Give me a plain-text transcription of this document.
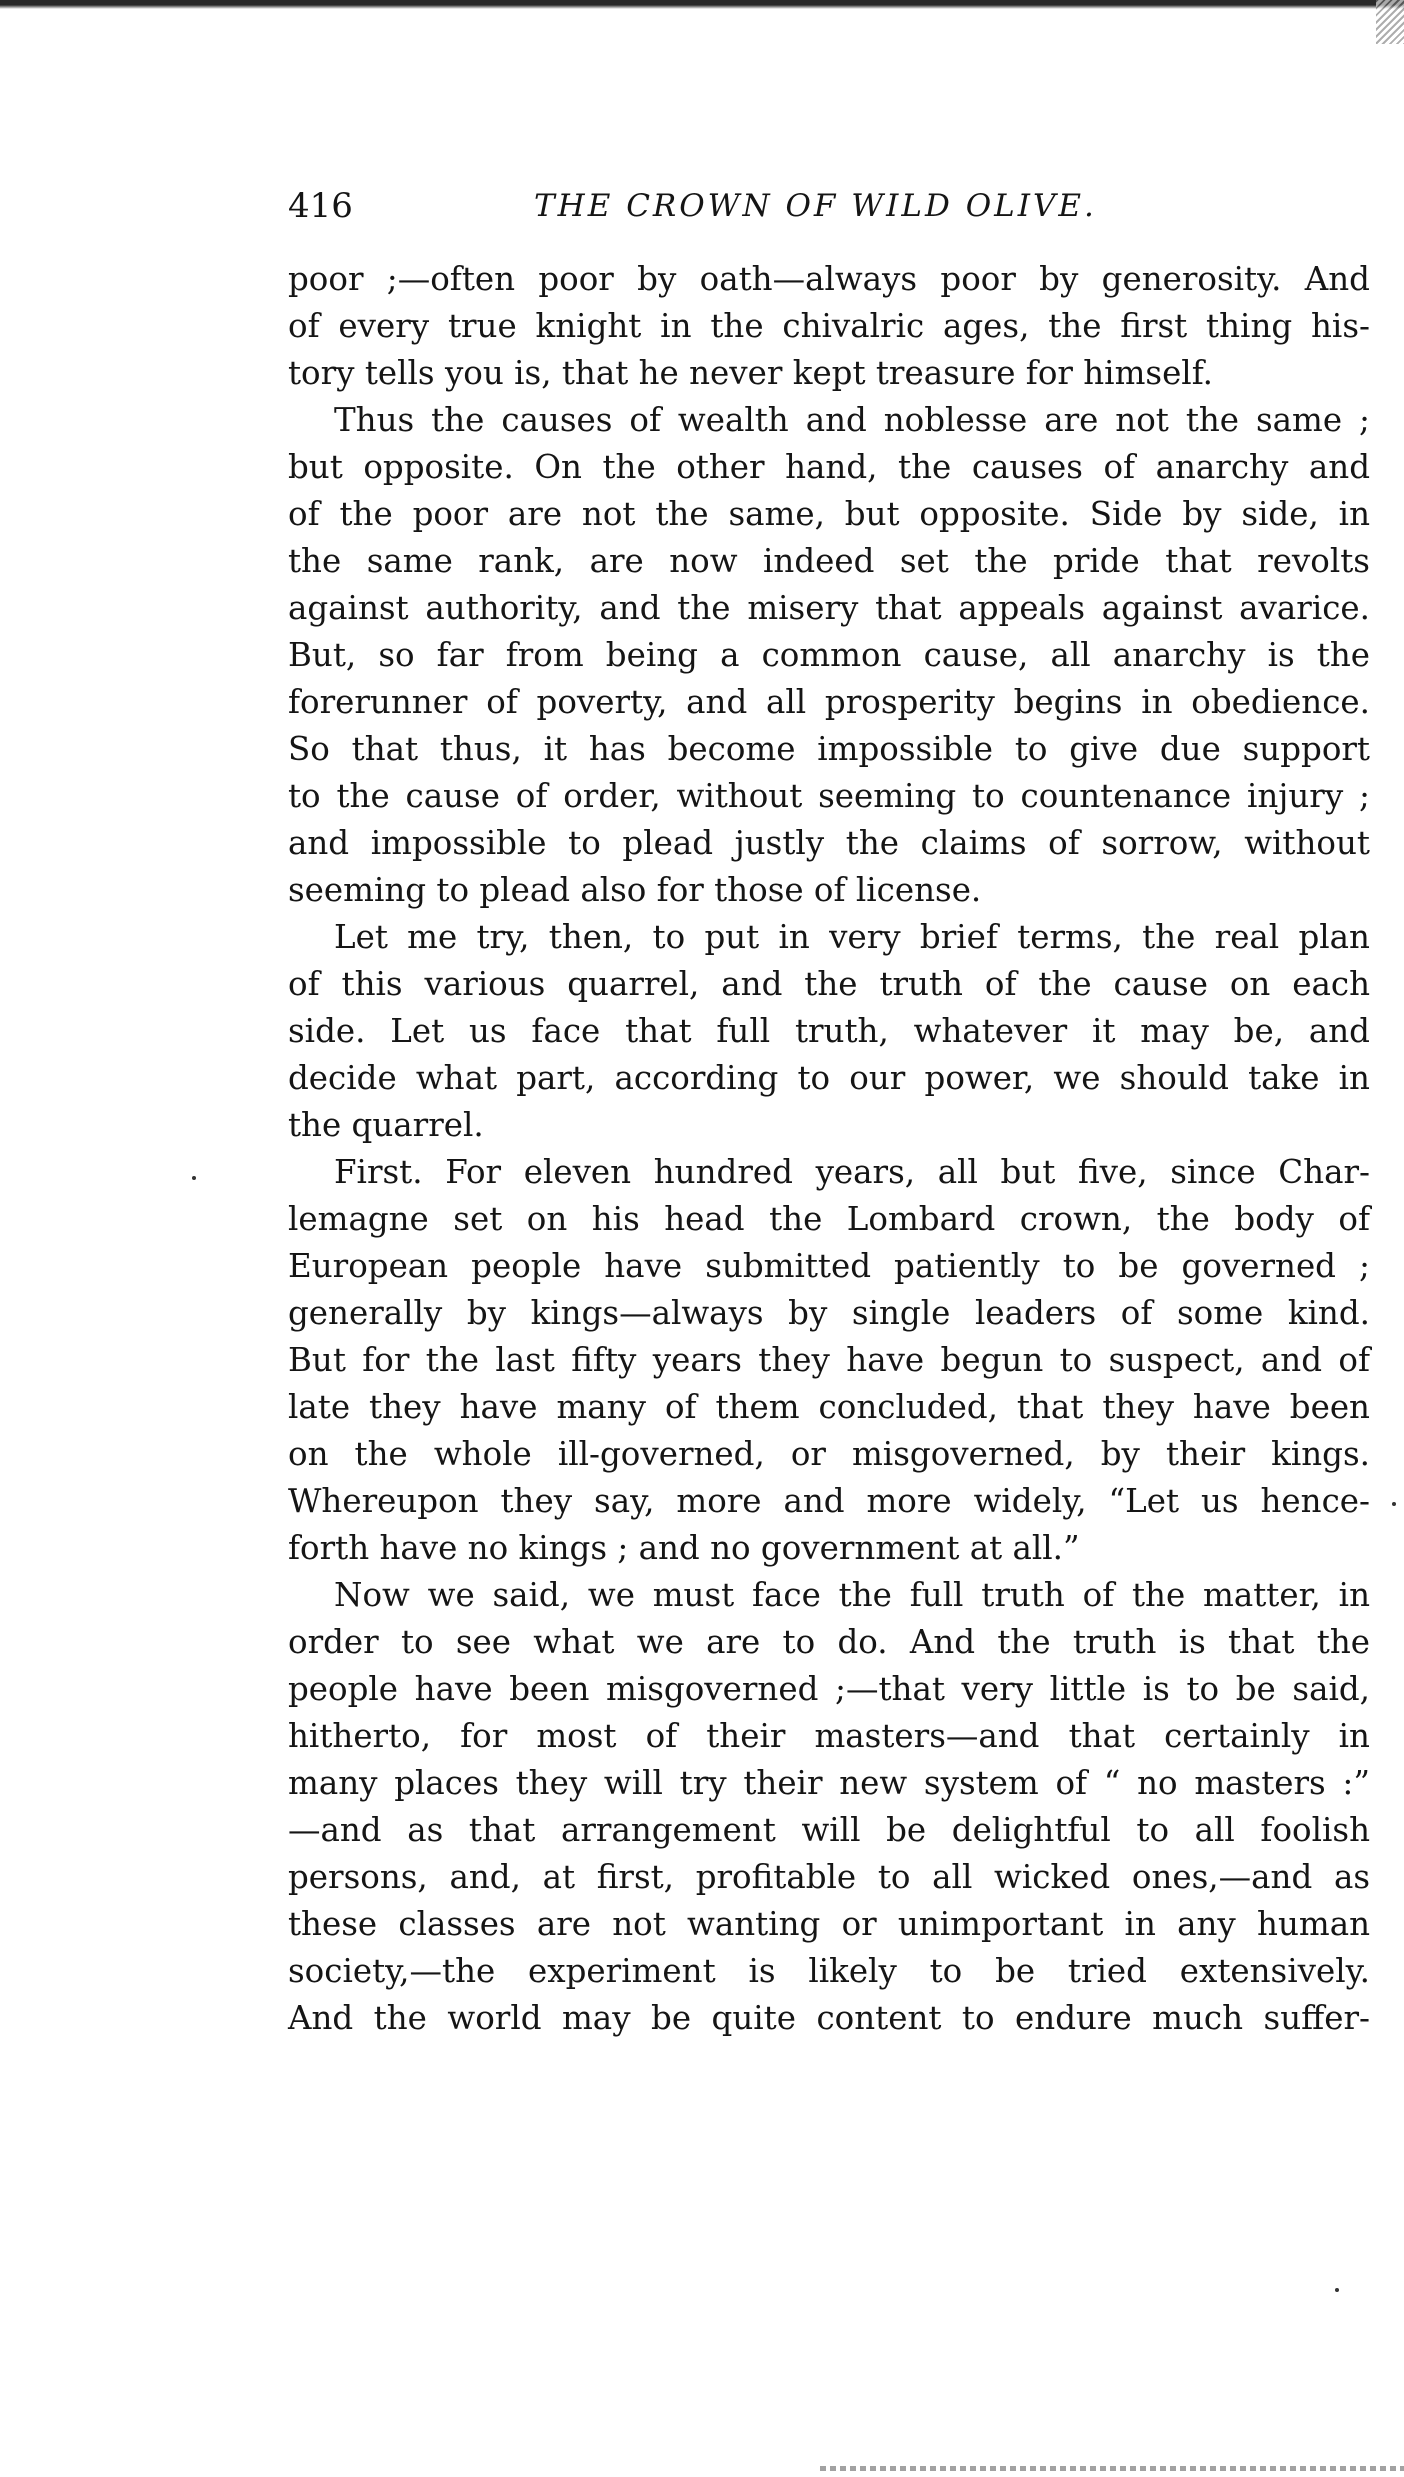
416	THE CROWN OF WILD OLIVE.
poor ;—often poor by oath—always poor by generosity. And
of every true knight in the chivalric ages, the first thing his-
tory tells you is, that he never kept treasure for himself.
Thus the causes of wealth and noblesse are not the same ;
but opposite. On the other hand, the causes of anarchy and
of the poor are not the same, but opposite. Side by side, in
the same rank, are now indeed set the pride that revolts
against authority, and the misery that appeals against avarice.
But, so far from being a common cause, all anarchy is the
forerunner of poverty, and all prosperity begins in obedience.
So that thus, it has become impossible to give due support
to the cause of order, without seeming to countenance injury ;
and impossible to plead justly the claims of sorrow, without
seeming to plead also for those of license.
Let me try, then, to put in very brief terms, the real plan
of this various quarrel, and the truth of the cause on each
side. Let us face that full truth, whatever it may be, and
decide what part, according to our power, we should take in
the quarrel.
First. For eleven hundred years, all but five, since Char-
lemagne set on his head the Lombard crown, the body of
European people have submitted patiently to be governed ;
generally by kings—always by single leaders of some kind.
But for the last fifty years they have begun to suspect, and of
late they have many of them concluded, that they have been
on the whole ill-governed, or misgoverned, by their kings.
Whereupon they say, more and more widely, “Let us hence-
forth have no kings ; and no government at all.”
Now we said, we must face the full truth of the matter, in
order to see what we are to do. And the truth is that the
people have been misgoverned ;—that very little is to be said,
hitherto, for most of their masters—and that certainly in
many places they will try their new system of “ no masters :”
—and as that arrangement will be delightful to all foolish
persons, and, at first, profitable to all wicked ones,—and as
these classes are not wanting or unimportant in any human
society,—the experiment is likely to be tried extensively.
And the world may be quite content to endure much suffer-
